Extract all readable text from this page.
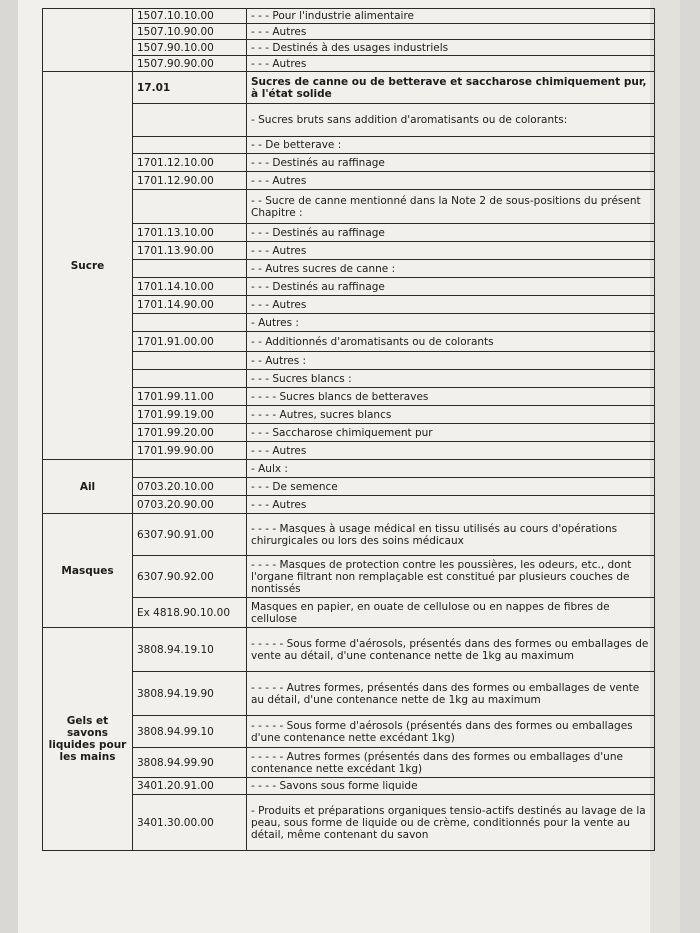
	1507.10.10.00	- - - Pour l'industrie alimentaire
	1507.10.90.00	- - - Autres
	1507.90.10.00	- - - Destinés à des usages industriels
	1507.90.90.00	- - - Autres
Sucre	17.01	Sucres de canne ou de betterave et saccharose chimiquement pur, à l'état solide
		- Sucres bruts sans addition d'aromatisants ou de colorants:
		- - De betterave :
	1701.12.10.00	- - - Destinés au raffinage
	1701.12.90.00	- - - Autres
		- - Sucre de canne mentionné dans la Note 2 de sous-positions du présent Chapitre :
	1701.13.10.00	- - - Destinés au raffinage
	1701.13.90.00	- - - Autres
		- - Autres sucres de canne :
	1701.14.10.00	- - - Destinés au raffinage
	1701.14.90.00	- - - Autres
		- Autres :
	1701.91.00.00	- - Additionnés d'aromatisants ou de colorants
		- - Autres :
		- - - Sucres blancs :
	1701.99.11.00	- - - - Sucres blancs de betteraves
	1701.99.19.00	- - - - Autres, sucres blancs
	1701.99.20.00	- - - Saccharose chimiquement pur
	1701.99.90.00	- - - Autres
Ail		- Aulx :
	0703.20.10.00	- - - De semence
	0703.20.90.00	- - - Autres
Masques	6307.90.91.00	- - - - Masques à usage médical en tissu utilisés au cours d'opérations chirurgicales ou lors des soins médicaux
	6307.90.92.00	- - - - Masques de protection contre les poussières, les odeurs, etc., dont l'organe filtrant non remplaçable est constitué par plusieurs couches de nontissés
	Ex 4818.90.10.00	Masques en papier, en ouate de cellulose ou en nappes de fibres de cellulose
Gels et savons liquides pour les mains	3808.94.19.10	- - - - - Sous forme d'aérosols, présentés dans des formes ou emballages de vente au détail, d'une contenance nette de 1kg au maximum
	3808.94.19.90	- - - - - Autres formes, présentés dans des formes ou emballages de vente au détail, d'une contenance nette de 1kg au maximum
	3808.94.99.10	- - - - - Sous forme d'aérosols (présentés dans des formes ou emballages d'une contenance nette excédant 1kg)
	3808.94.99.90	- - - - - Autres formes (présentés dans des formes ou emballages d'une contenance nette excédant 1kg)
	3401.20.91.00	- - - - Savons sous forme liquide
	3401.30.00.00	- Produits et préparations organiques tensio-actifs destinés au lavage de la peau, sous forme de liquide ou de crème, conditionnés pour la vente au détail, même contenant du savon
